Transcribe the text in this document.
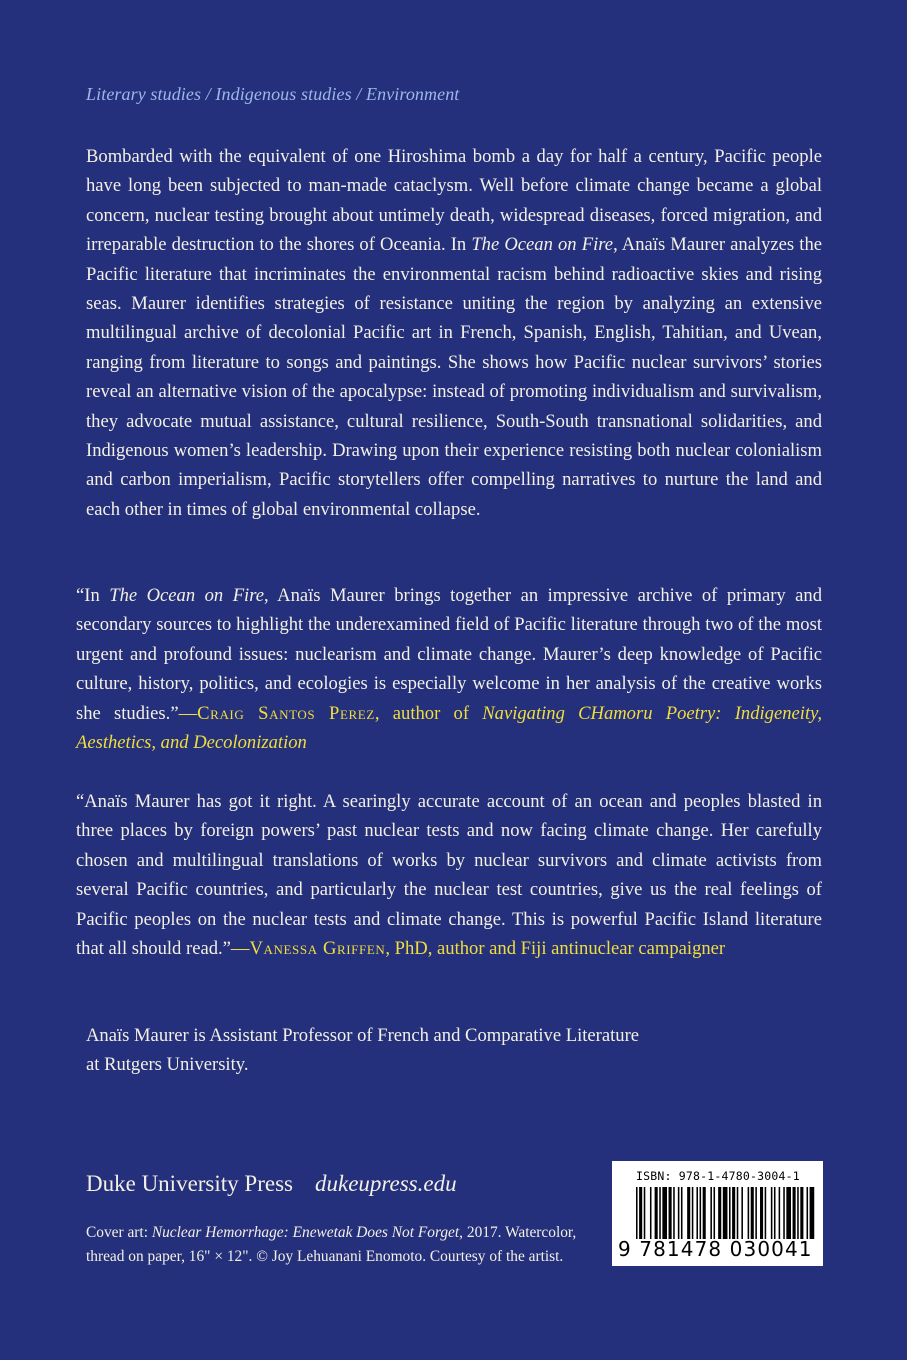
Literary studies / Indigenous studies / Environment

Bombarded with the equivalent of one Hiroshima bomb a day for half a century, Pacific people have long been subjected to man-made cataclysm. Well before climate change became a global concern, nuclear testing brought about untimely death, widespread diseases, forced migration, and irreparable destruction to the shores of Oceania. In The Ocean on Fire, Anaïs Maurer analyzes the Pacific literature that incriminates the environmental racism behind radioactive skies and rising seas. Maurer identifies strategies of resistance uniting the region by analyzing an extensive multilingual archive of decolonial Pacific art in French, Spanish, English, Tahitian, and Uvean, ranging from literature to songs and paintings. She shows how Pacific nuclear survivors’ stories reveal an alternative vision of the apocalypse: instead of promoting individualism and survivalism, they advocate mutual assistance, cultural resilience, South-South transnational solidarities, and Indigenous women’s leadership. Drawing upon their experience resisting both nuclear colonialism and carbon imperialism, Pacific storytellers offer compelling narratives to nurture the land and each other in times of global environmental collapse.

“In The Ocean on Fire, Anaïs Maurer brings together an impressive archive of primary and secondary sources to highlight the underexamined field of Pacific literature through two of the most urgent and profound issues: nuclearism and climate change. Maurer’s deep knowledge of Pacific culture, history, politics, and ecologies is especially welcome in her analysis of the creative works she studies.”—Craig Santos Perez, author of Navigating CHamoru Poetry: Indigeneity, Aesthetics, and Decolonization

“Anaïs Maurer has got it right. A searingly accurate account of an ocean and peoples blasted in three places by foreign powers’ past nuclear tests and now facing climate change. Her carefully chosen and multilingual translations of works by nuclear survivors and climate activists from several Pacific countries, and particularly the nuclear test countries, give us the real feelings of Pacific peoples on the nuclear tests and climate change. This is powerful Pacific Island literature that all should read.”—Vanessa Griffen, PhD, author and Fiji antinuclear campaigner

Anaïs Maurer is Assistant Professor of French and Comparative Literature at Rutgers University.

Duke University Press dukeupress.edu

Cover art: Nuclear Hemorrhage: Enewetak Does Not Forget, 2017. Watercolor, thread on paper, 16" × 12". © Joy Lehuanani Enomoto. Courtesy of the artist.

ISBN: 978-1-4780-3004-1
9 781478 030041
